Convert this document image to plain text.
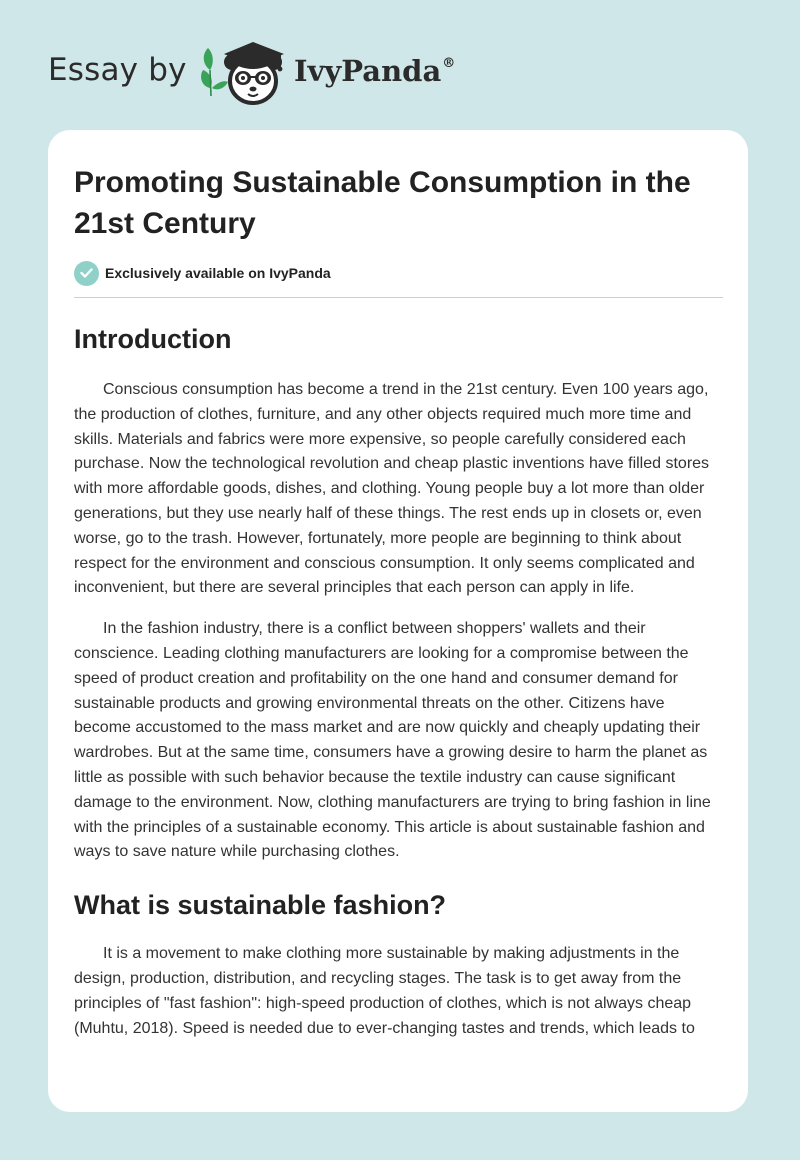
Essay by	IvyPanda®
Promoting Sustainable Consumption in the 21st Century
Exclusively available on IvyPanda
Introduction

Conscious consumption has become a trend in the 21st century. Even 100 years ago, the production of clothes, furniture, and any other objects required much more time and skills. Materials and fabrics were more expensive, so people carefully considered each purchase. Now the technological revolution and cheap plastic inventions have filled stores with more affordable goods, dishes, and clothing. Young people buy a lot more than older generations, but they use nearly half of these things. The rest ends up in closets or, even worse, go to the trash. However, fortunately, more people are beginning to think about respect for the environment and conscious consumption. It only seems complicated and inconvenient, but there are several principles that each person can apply in life.

In the fashion industry, there is a conflict between shoppers' wallets and their conscience. Leading clothing manufacturers are looking for a compromise between the speed of product creation and profitability on the one hand and consumer demand for sustainable products and growing environmental threats on the other. Citizens have become accustomed to the mass market and are now quickly and cheaply updating their wardrobes. But at the same time, consumers have a growing desire to harm the planet as little as possible with such behavior because the textile industry can cause significant damage to the environment. Now, clothing manufacturers are trying to bring fashion in line with the principles of a sustainable economy. This article is about sustainable fashion and ways to save nature while purchasing clothes.

What is sustainable fashion?

It is a movement to make clothing more sustainable by making adjustments in the design, production, distribution, and recycling stages. The task is to get away from the principles of "fast fashion": high-speed production of clothes, which is not always cheap (Muhtu, 2018). Speed is needed due to ever-changing tastes and trends, which leads to
